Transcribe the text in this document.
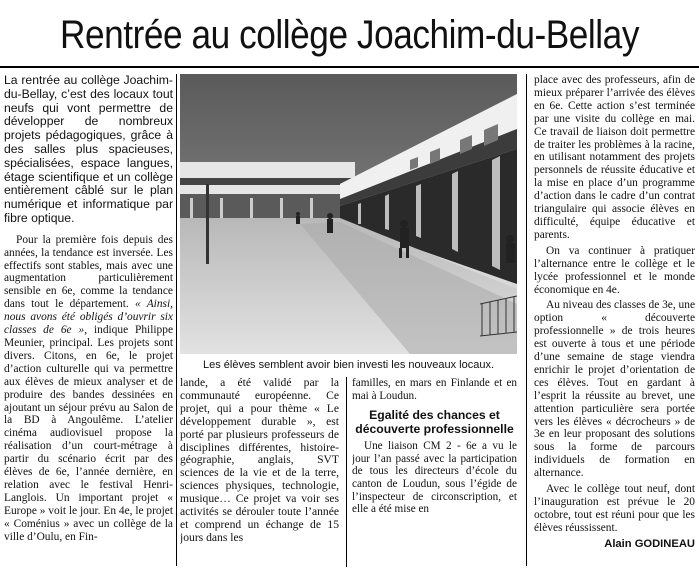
Rentrée au collège Joachim-du-Bellay

La rentrée au collège Joachim-du-Bellay, c’est des locaux tout neufs qui vont permettre de développer de nombreux projets pédagogiques, grâce à des salles plus spacieuses, spécialisées, espace langues, étage scientifique et un collège entièrement câblé sur le plan numérique et informatique par fibre optique.

Pour la première fois depuis des années, la tendance est inversée. Les effectifs sont stables, mais avec une augmentation particulièrement sensible en 6e, comme la tendance dans tout le département. « Ainsi, nous avons été obligés d’ouvrir six classes de 6e », indique Philippe Meunier, principal. Les projets sont divers. Citons, en 6e, le projet d’action culturelle qui va permettre aux élèves de mieux analyser et de produire des bandes dessinées en ajoutant un séjour prévu au Salon de la BD à Angoulême. L’atelier cinéma audiovisuel propose la réalisation d’un court-métrage à partir du scénario écrit par des élèves de 6e, l’année dernière, en relation avec le festival Henri-Langlois. Un important projet « Europe » voit le jour. En 4e, le projet « Coménius » avec un collège de la ville d’Oulu, en Fin-

Les élèves semblent avoir bien investi les nouveaux locaux.

lande, a été validé par la communauté européenne. Ce projet, qui a pour thème « Le développement durable », est porté par plusieurs professeurs de disciplines différentes, histoire-géographie, anglais, SVT sciences de la vie et de la terre, sciences physiques, technologie, musique… Ce projet va voir ses activités se dérouler toute l’année et comprend un échange de 15 jours dans les

familles, en mars en Finlande et en mai à Loudun.

Egalité des chances et découverte professionnelle

Une liaison CM 2 - 6e a vu le jour l’an passé avec la participation de tous les directeurs d’école du canton de Loudun, sous l’égide de l’inspecteur de circonscription, et elle a été mise en

place avec des professeurs, afin de mieux préparer l’arrivée des élèves en 6e. Cette action s’est terminée par une visite du collège en mai. Ce travail de liaison doit permettre de traiter les problèmes à la racine, en utilisant notamment des projets personnels de réussite éducative et la mise en place d’un programme d’action dans le cadre d’un contrat triangulaire qui associe élèves en difficulté, équipe éducative et parents.

On va continuer à pratiquer l’alternance entre le collège et le lycée professionnel et le monde économique en 4e.

Au niveau des classes de 3e, une option « découverte professionnelle » de trois heures est ouverte à tous et une période d’une semaine de stage viendra enrichir le projet d’orientation de ces élèves. Tout en gardant à l’esprit la réussite au brevet, une attention particulière sera portée vers les élèves « décrocheurs » de 3e en leur proposant des solutions sous la forme de parcours individuels de formation en alternance.

Avec le collège tout neuf, dont l’inauguration est prévue le 20 octobre, tout est réuni pour que les élèves réussissent.

Alain GODINEAU
